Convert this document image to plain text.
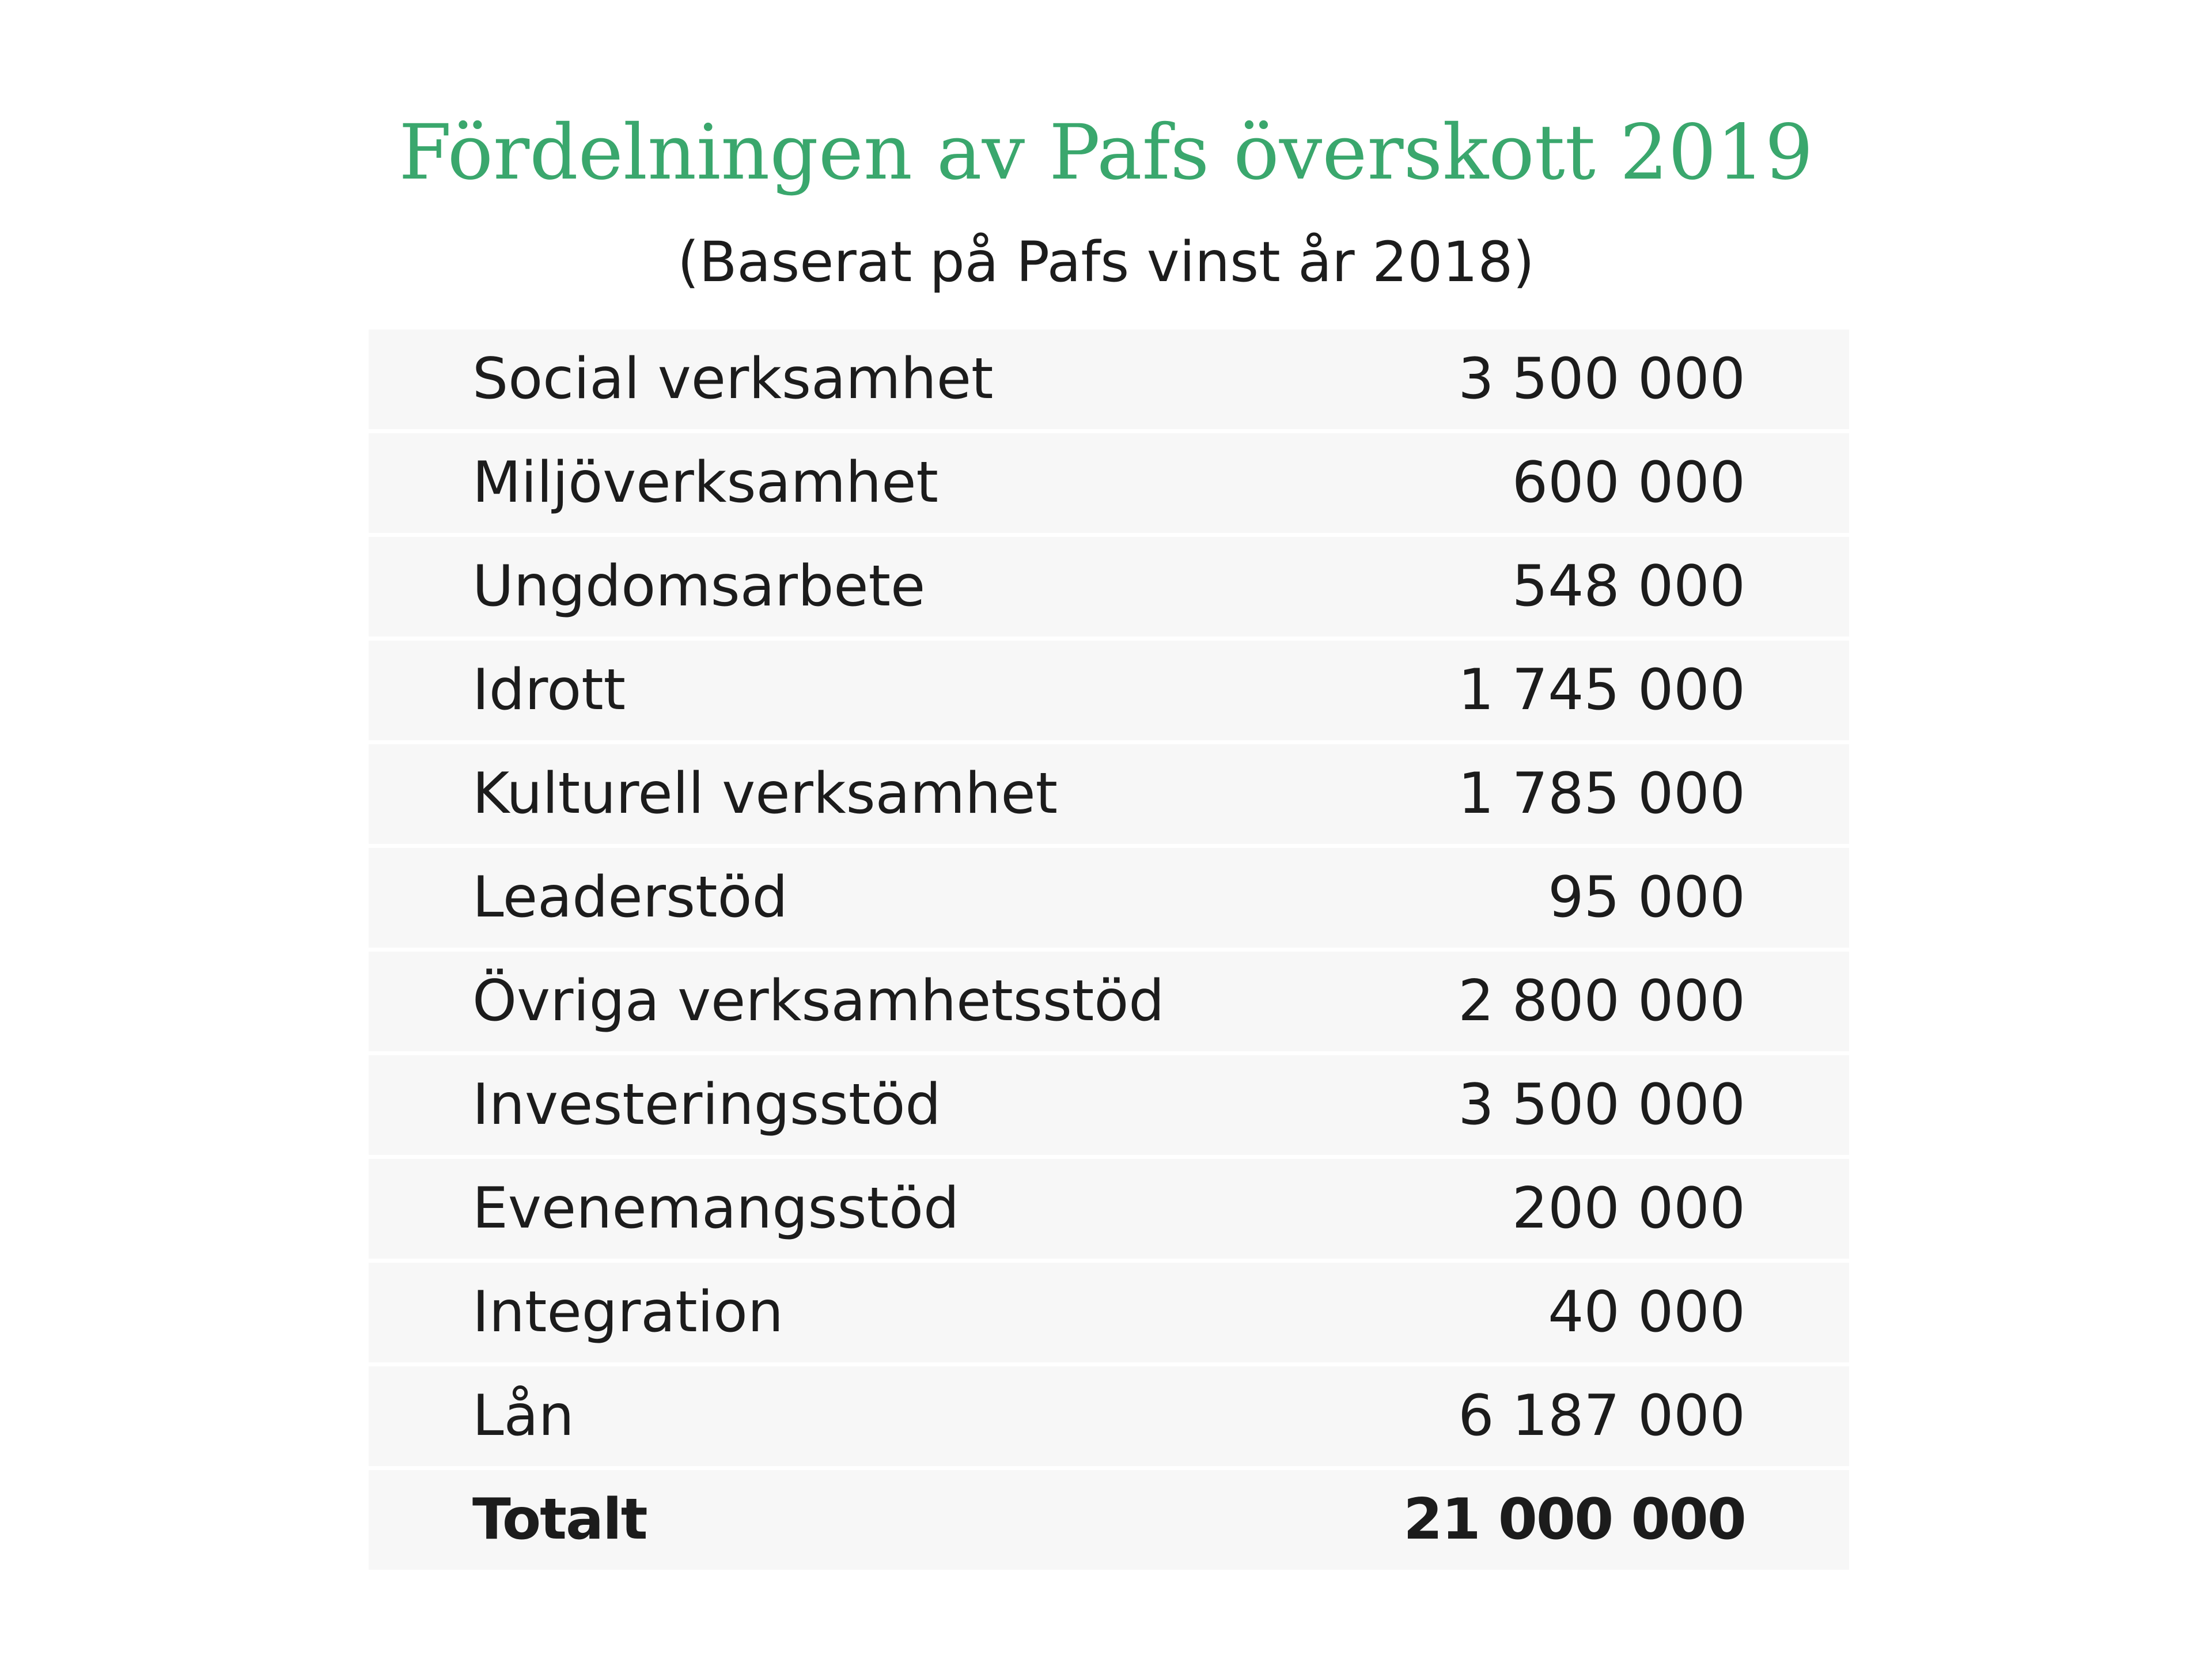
Fördelningen av Pafs överskott 2019
(Baserat på Pafs vinst år 2018)
Social verksamhet	3 500 000
Miljöverksamhet	600 000
Ungdomsarbete	548 000
Idrott	1 745 000
Kulturell verksamhet	1 785 000
Leaderstöd	95 000
Övriga verksamhetsstöd	2 800 000
Investeringsstöd	3 500 000
Evenemangsstöd	200 000
Integration	40 000
Lån	6 187 000
Totalt	21 000 000
